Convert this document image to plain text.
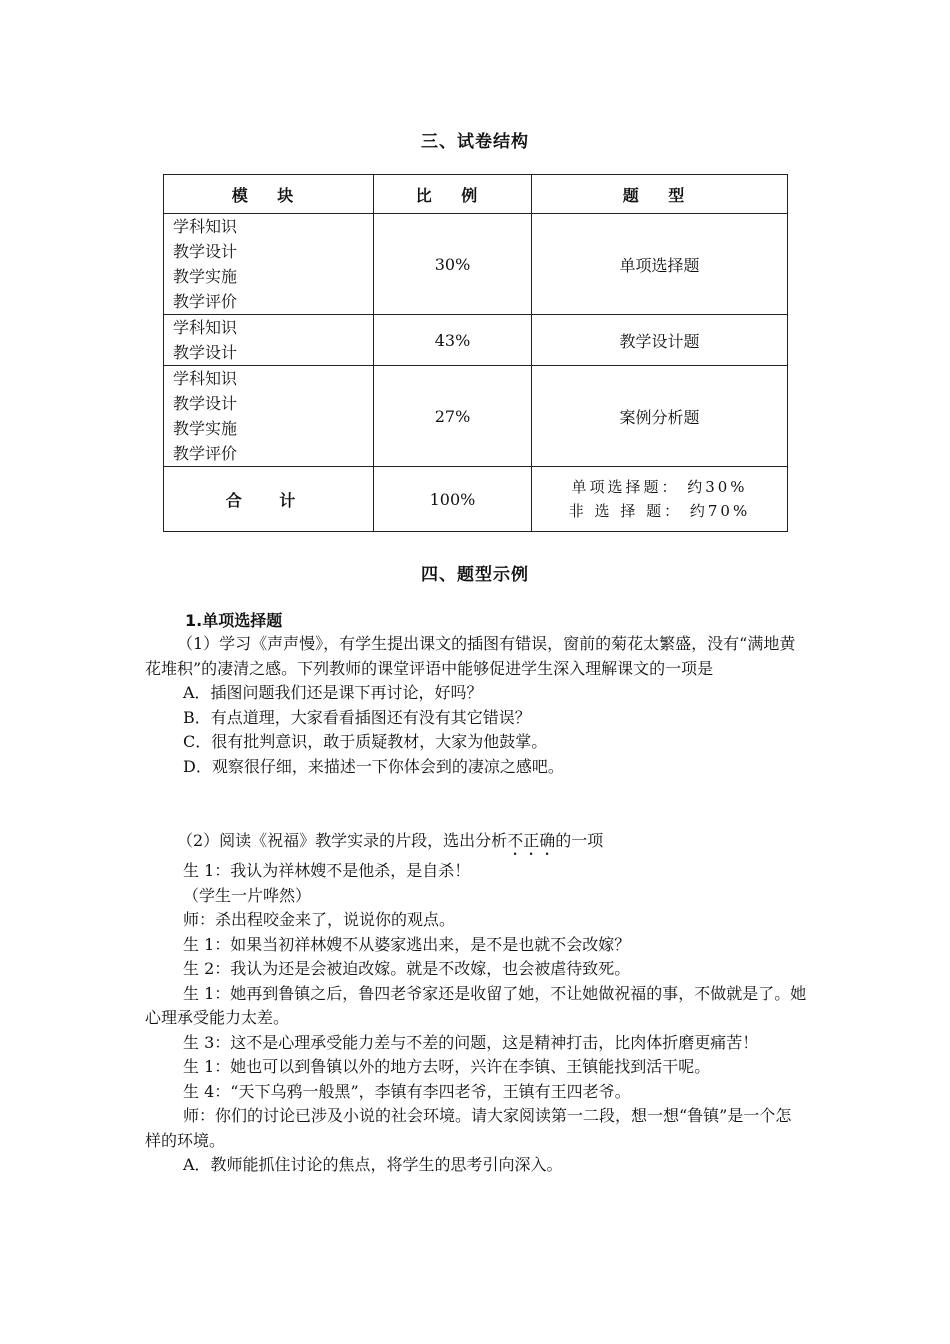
三、试卷结构
模 块	比 例	题 型

学科知识
教学设计
教学实施
教学评价	30%	单项选择题

学科知识
教学设计	43%	教学设计题

学科知识
教学设计
教学实施
教学评价	27%	案例分析题
合 计	100%	单项选择题： 约30%
非 选 择 题： 约70%
四、题型示例
1.单项选择题

（1）学习《声声慢》，有学生提出课文的插图有错误，窗前的菊花太繁盛，没有“满地黄花堆积”的凄清之感。下列教师的课堂评语中能够促进学生深入理解课文的一项是

A．插图问题我们还是课下再讨论，好吗？

B．有点道理，大家看看插图还有没有其它错误？

C．很有批判意识，敢于质疑教材，大家为他鼓掌。

D．观察很仔细，来描述一下你体会到的凄凉之感吧。

（2）阅读《祝福》教学实录的片段，选出分析不正确的一项

生 1：我认为祥林嫂不是他杀，是自杀！

（学生一片哗然）

师：杀出程咬金来了，说说你的观点。

生 1：如果当初祥林嫂不从婆家逃出来，是不是也就不会改嫁？

生 2：我认为还是会被迫改嫁。就是不改嫁，也会被虐待致死。

生 1：她再到鲁镇之后，鲁四老爷家还是收留了她，不让她做祝福的事，不做就是了。她心理承受能力太差。

生 3：这不是心理承受能力差与不差的问题，这是精神打击，比肉体折磨更痛苦！

生 1：她也可以到鲁镇以外的地方去呀，兴许在李镇、王镇能找到活干呢。

生 4：“天下乌鸦一般黑”，李镇有李四老爷，王镇有王四老爷。

师：你们的讨论已涉及小说的社会环境。请大家阅读第一二段，想一想“鲁镇”是一个怎样的环境。

A．教师能抓住讨论的焦点，将学生的思考引向深入。
